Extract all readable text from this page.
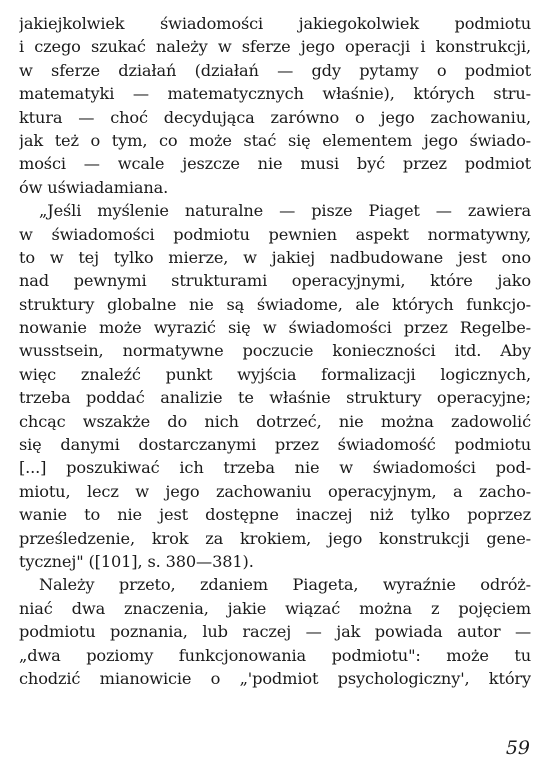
jakiejkolwiek świadomości jakiegokolwiek podmiotu
i czego szukać należy w sferze jego operacji i konstrukcji,
w sferze działań (działań — gdy pytamy o podmiot
matematyki — matematycznych właśnie), których stru-
ktura — choć decydująca zarówno o jego zachowaniu,
jak też o tym, co może stać się elementem jego świado-
mości — wcale jeszcze nie musi być przez podmiot
ów uświadamiana.
„Jeśli myślenie naturalne — pisze Piaget — zawiera
w świadomości podmiotu pewnien aspekt normatywny,
to w tej tylko mierze, w jakiej nadbudowane jest ono
nad pewnymi strukturami operacyjnymi, które jako
struktury globalne nie są świadome, ale których funkcjo-
nowanie może wyrazić się w świadomości przez Regelbe-
wusstsein, normatywne poczucie konieczności itd. Aby
więc znaleźć punkt wyjścia formalizacji logicznych,
trzeba poddać analizie te właśnie struktury operacyjne;
chcąc wszakże do nich dotrzeć, nie można zadowolić
się danymi dostarczanymi przez świadomość podmiotu
[...] poszukiwać ich trzeba nie w świadomości pod-
miotu, lecz w jego zachowaniu operacyjnym, a zacho-
wanie to nie jest dostępne inaczej niż tylko poprzez
prześledzenie, krok za krokiem, jego konstrukcji gene-
tycznej" ([101], s. 380—381).
Należy przeto, zdaniem Piageta, wyraźnie odróż-
niać dwa znaczenia, jakie wiązać można z pojęciem
podmiotu poznania, lub raczej — jak powiada autor —
„dwa poziomy funkcjonowania podmiotu": może tu
chodzić mianowicie o „'podmiot psychologiczny', który
59
